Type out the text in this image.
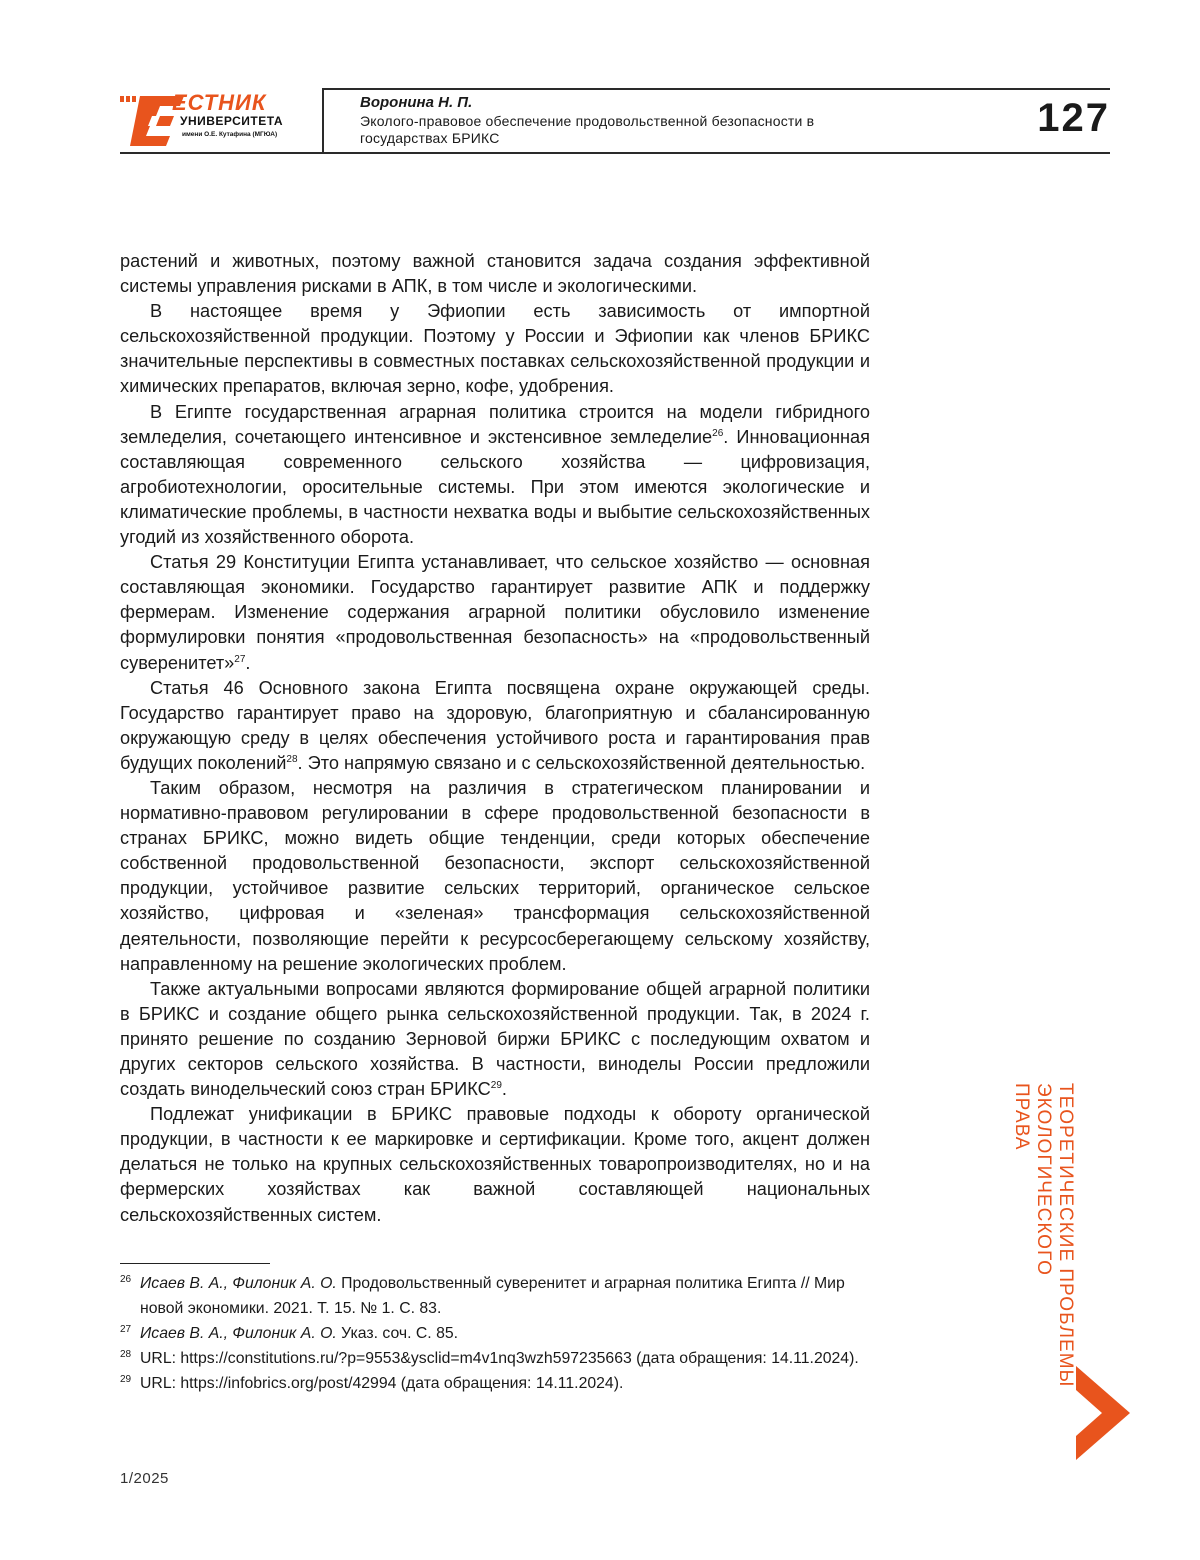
ЕСТНИК
УНИВЕРСИТЕТА
имени О.Е. Кутафина (МГЮА)
Воронина Н. П.
Эколого-правовое обеспечение продовольственной безопасности в государствах БРИКС	127

растений и животных, поэтому важной становится задача создания эффективной системы управления рисками в АПК, в том числе и экологическими.

В настоящее время у Эфиопии есть зависимость от импортной сельскохозяйственной продукции. Поэтому у России и Эфиопии как членов БРИКС значительные перспективы в совместных поставках сельскохозяйственной продукции и химических препаратов, включая зерно, кофе, удобрения.

В Египте государственная аграрная политика строится на модели гибридного земледелия, сочетающего интенсивное и экстенсивное земледелие$^{26}$. Инновационная составляющая современного сельского хозяйства — цифровизация, агробиотехнологии, оросительные системы. При этом имеются экологические и климатические проблемы, в частности нехватка воды и выбытие сельскохозяйственных угодий из хозяйственного оборота.

Статья 29 Конституции Египта устанавливает, что сельское хозяйство — основная составляющая экономики. Государство гарантирует развитие АПК и поддержку фермерам. Изменение содержания аграрной политики обусловило изменение формулировки понятия «продовольственная безопасность» на «продовольственный суверенитет»$^{27}$.

Статья 46 Основного закона Египта посвящена охране окружающей среды. Государство гарантирует право на здоровую, благоприятную и сбалансированную окружающую среду в целях обеспечения устойчивого роста и гарантирования прав будущих поколений$^{28}$. Это напрямую связано и с сельскохозяйственной деятельностью.

Таким образом, несмотря на различия в стратегическом планировании и нормативно-правовом регулировании в сфере продовольственной безопасности в странах БРИКС, можно видеть общие тенденции, среди которых обеспечение собственной продовольственной безопасности, экспорт сельскохозяйственной продукции, устойчивое развитие сельских территорий, органическое сельское хозяйство, цифровая и «зеленая» трансформация сельскохозяйственной деятельности, позволяющие перейти к ресурсосберегающему сельскому хозяйству, направленному на решение экологических проблем.

Также актуальными вопросами являются формирование общей аграрной политики в БРИКС и создание общего рынка сельскохозяйственной продукции. Так, в 2024 г. принято решение по созданию Зерновой биржи БРИКС с последующим охватом и других секторов сельского хозяйства. В частности, виноделы России предложили создать винодельческий союз стран БРИКС$^{29}$.

Подлежат унификации в БРИКС правовые подходы к обороту органической продукции, в частности к ее маркировке и сертификации. Кроме того, акцент должен делаться не только на крупных сельскохозяйственных товаропроизводителях, но и на фермерских хозяйствах как важной составляющей национальных сельскохозяйственных систем.

26 Исаев В. А., Филоник А. О. Продовольственный суверенитет и аграрная политика Египта // Мир новой экономики. 2021. Т. 15. № 1. С. 83.

27 Исаев В. А., Филоник А. О. Указ. соч. С. 85.

28 URL: https://constitutions.ru/?p=9553&ysclid=m4v1nq3wzh597235663 (дата обращения: 14.11.2024).

29 URL: https://infobrics.org/post/42994 (дата обращения: 14.11.2024).

1/2025
ТЕОРЕТИЧЕСКИЕ ПРОБЛЕМЫ
ЭКОЛОГИЧЕСКОГО
ПРАВА
